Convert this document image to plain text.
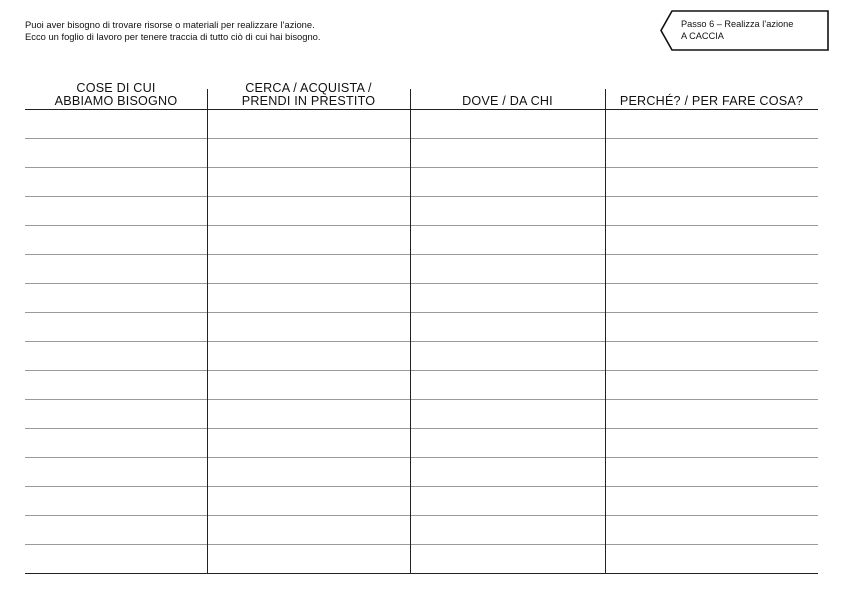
Puoi aver bisogno di trovare risorse o materiali per realizzare l’azione.
Ecco un foglio di lavoro per tenere traccia di tutto ciò di cui hai bisogno.
Passo 6 – Realizza l’azione
A CACCIA
COSE DI CUI
ABBIAMO BISOGNO
CERCA / ACQUISTA /
PRENDI IN PRESTITO	DOVE / DA CHI	PERCHÉ? / PER FARE COSA?
